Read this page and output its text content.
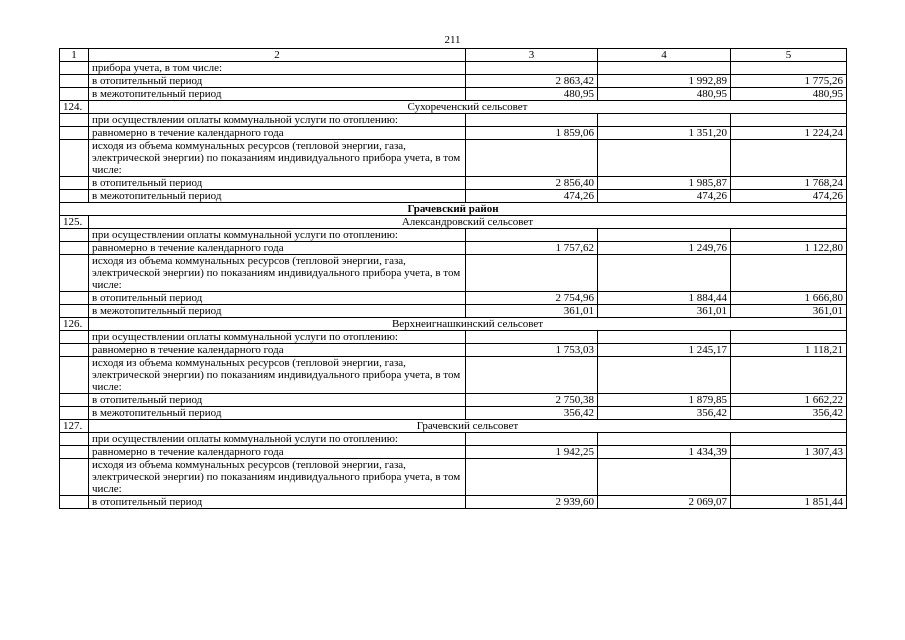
211
1	2	3	4	5
	прибора учета, в том числе:			
	в отопительный период	2 863,42	1 992,89	1 775,26
	в межотопительный период	480,95	480,95	480,95
124.	Сухореченский сельсовет			
	при осуществлении оплаты коммунальной услуги по отоплению:			
	равномерно в течение календарного года	1 859,06	1 351,20	1 224,24
	исходя из объема коммунальных ресурсов (тепловой энергии, газа, электрической энергии) по показаниям индивидуального прибора учета, в том числе:			
	в отопительный период	2 856,40	1 985,87	1 768,24
	в межотопительный период	474,26	474,26	474,26
Грачевский район				
125.	Александровский сельсовет			
	при осуществлении оплаты коммунальной услуги по отоплению:			
	равномерно в течение календарного года	1 757,62	1 249,76	1 122,80
	исходя из объема коммунальных ресурсов (тепловой энергии, газа, электрической энергии) по показаниям индивидуального прибора учета, в том числе:			
	в отопительный период	2 754,96	1 884,44	1 666,80
	в межотопительный период	361,01	361,01	361,01
126.	Верхнеигнашкинский сельсовет			
	при осуществлении оплаты коммунальной услуги по отоплению:			
	равномерно в течение календарного года	1 753,03	1 245,17	1 118,21
	исходя из объема коммунальных ресурсов (тепловой энергии, газа, электрической энергии) по показаниям индивидуального прибора учета, в том числе:			
	в отопительный период	2 750,38	1 879,85	1 662,22
	в межотопительный период	356,42	356,42	356,42
127.	Грачевский сельсовет			
	при осуществлении оплаты коммунальной услуги по отоплению:			
	равномерно в течение календарного года	1 942,25	1 434,39	1 307,43
	исходя из объема коммунальных ресурсов (тепловой энергии, газа, электрической энергии) по показаниям индивидуального прибора учета, в том числе:			
	в отопительный период	2 939,60	2 069,07	1 851,44
